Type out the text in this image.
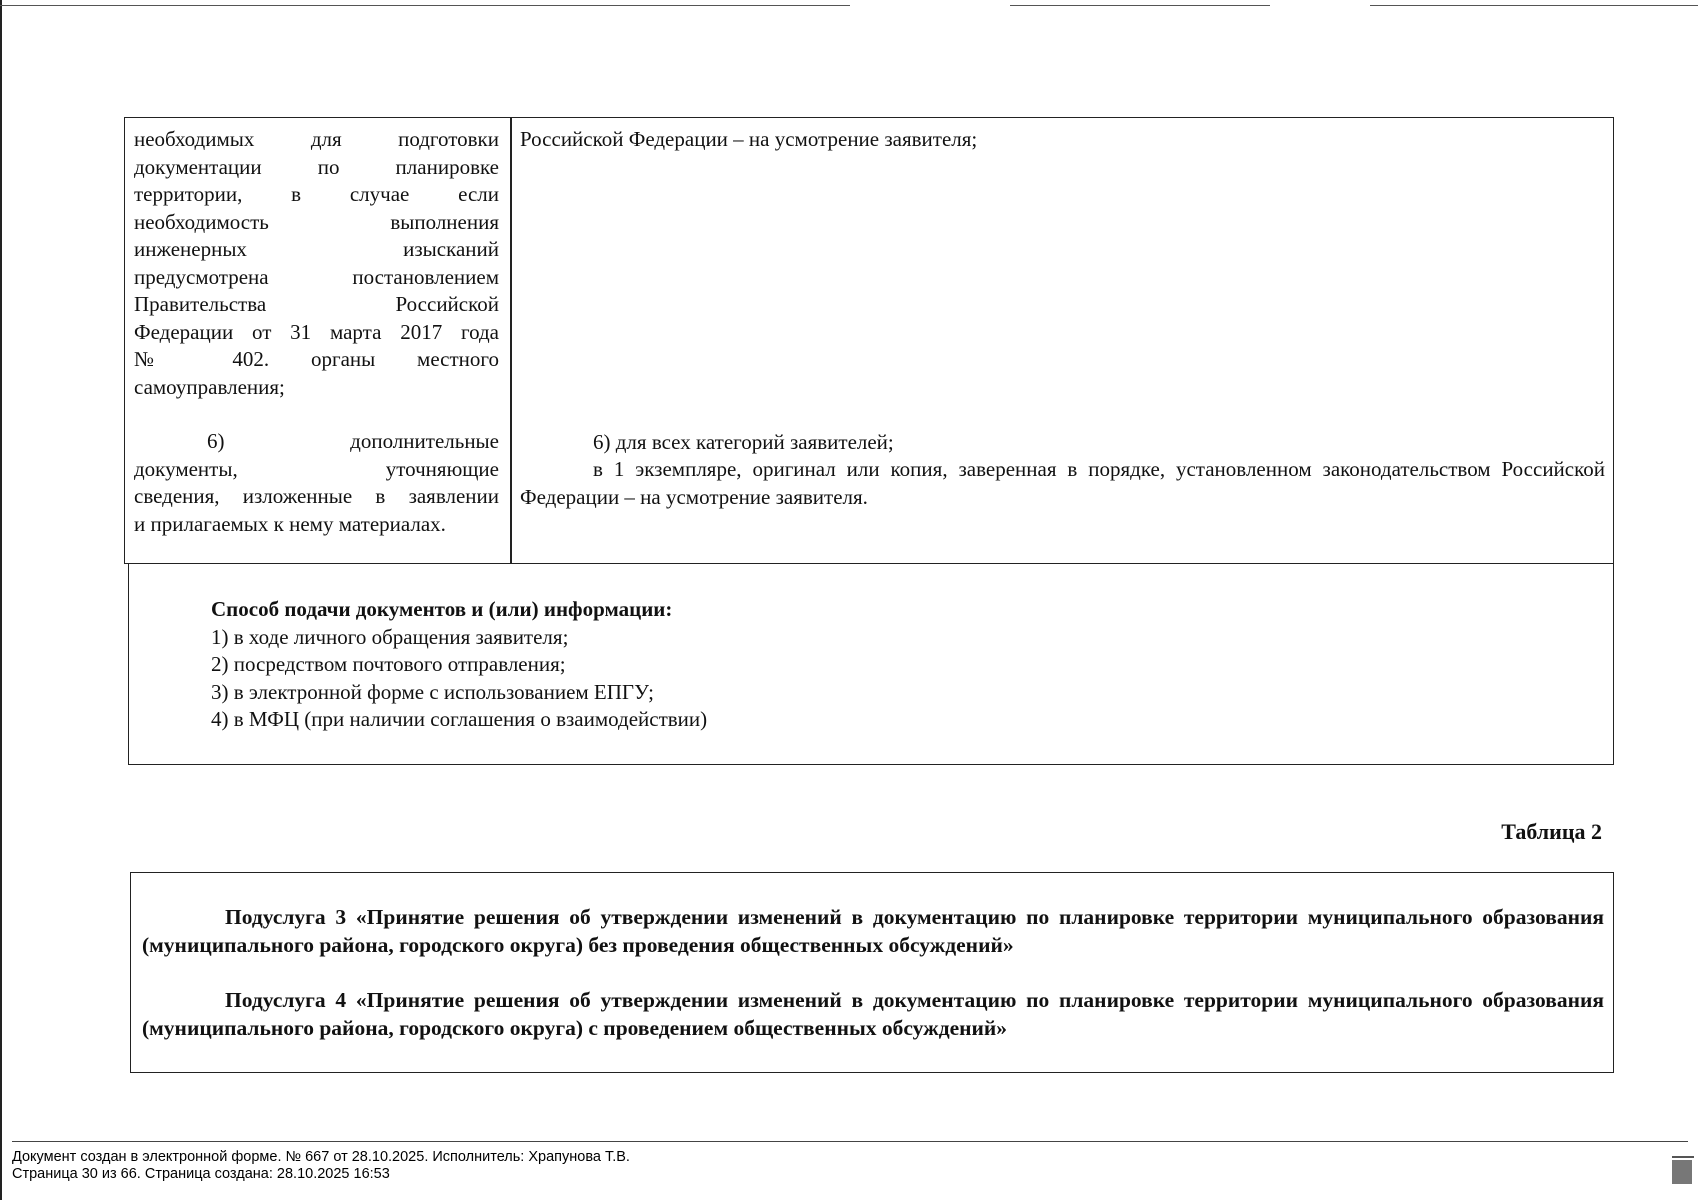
необходимых для подготовки
документации по планировке
территории, в случае если
необходимость выполнения
инженерных изысканий
предусмотрена постановлением
Правительства Российской
Федерации от 31 марта 2017 года
№ 402. органы местного
самоуправления;
6) дополнительные
документы, уточняющие
сведения, изложенные в заявлении
и прилагаемых к нему материалах.
Российской Федерации – на усмотрение заявителя;
6) для всех категорий заявителей;
в 1 экземпляре, оригинал или копия, заверенная в порядке, установленном законодательством Российской Федерации – на усмотрение заявителя.
Способ подачи документов и (или) информации:
1) в ходе личного обращения заявителя;
2) посредством почтового отправления;
3) в электронной форме с использованием ЕПГУ;
4) в МФЦ (при наличии соглашения о взаимодействии)
Таблица 2
Подуслуга 3 «Принятие решения об утверждении изменений в документацию по планировке территории муниципального образования (муниципального района, городского округа) без проведения общественных обсуждений»
Подуслуга 4 «Принятие решения об утверждении изменений в документацию по планировке территории муниципального образования (муниципального района, городского округа) с проведением общественных обсуждений»
Документ создан в электронной форме. № 667 от 28.10.2025. Исполнитель: Храпунова Т.В.
Страница 30 из 66. Страница создана: 28.10.2025 16:53
